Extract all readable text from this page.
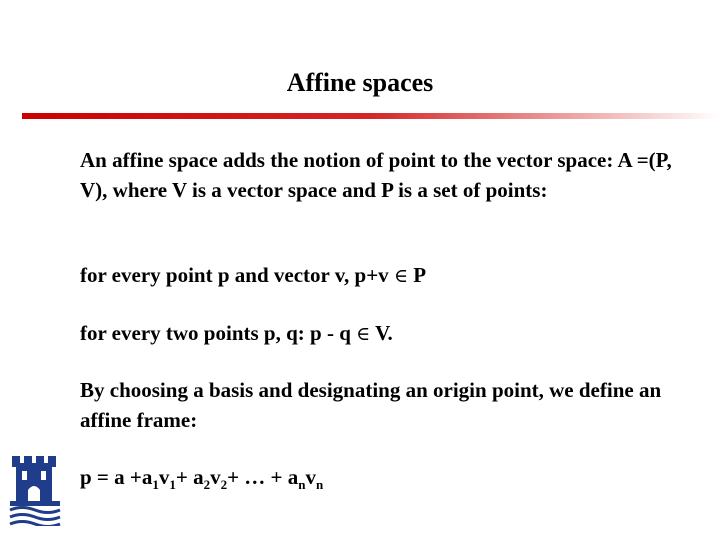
Affine spaces
An affine space adds the notion of point to the vector space: A =(P, V), where V is a vector space and P is a set of points:
for every point p and vector v, p+v ∈ P
for every two points p, q: p - q ∈ V.
By choosing a basis and designating an origin point, we define an affine frame:
$p = a +a_1v_1+ a_2v_2+$ … + $a_nv_n$
